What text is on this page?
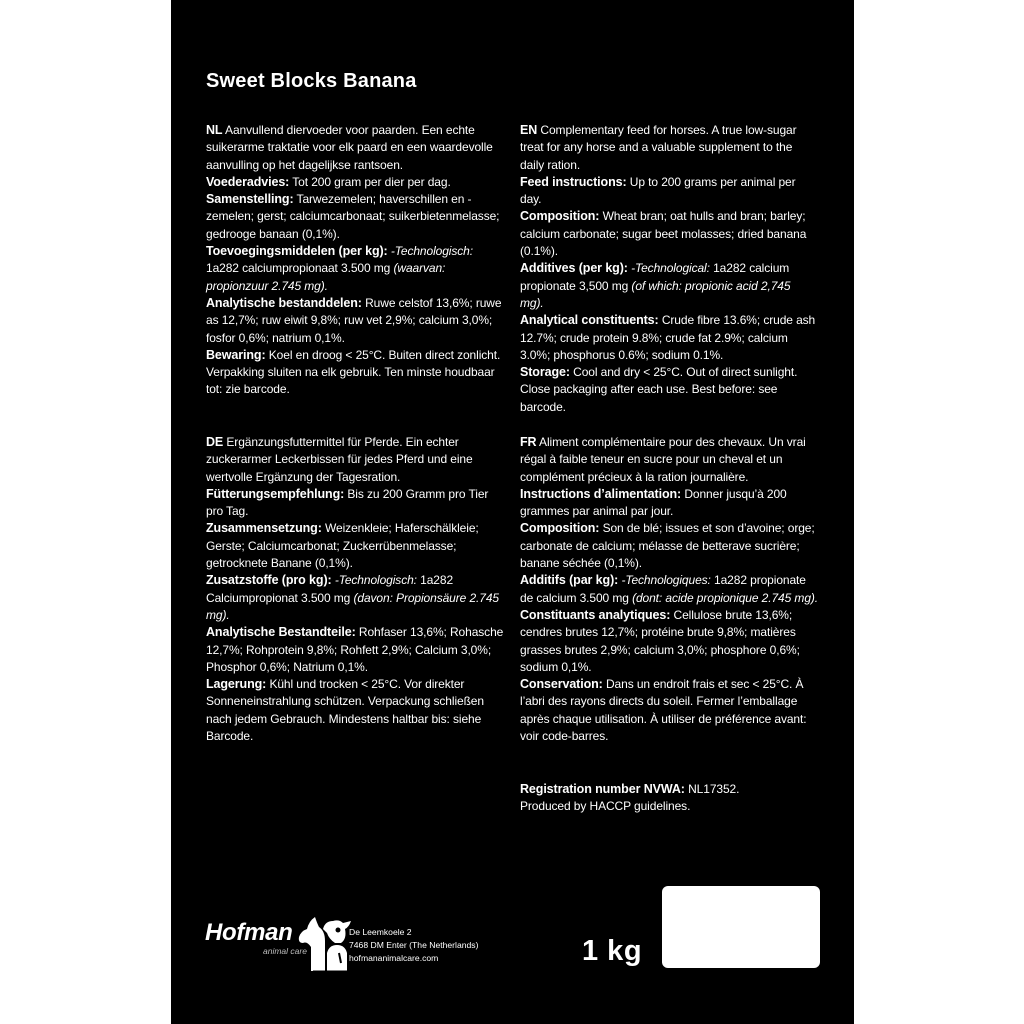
Sweet Blocks Banana

NL Aanvullend diervoeder voor paarden. Een echte suikerarme traktatie voor elk paard en een waardevolle aanvulling op het dagelijkse rantsoen.

Voederadvies: Tot 200 gram per dier per dag.

Samenstelling: Tarwezemelen; haverschillen en -zemelen; gerst; calciumcarbonaat; suikerbietenmelasse; gedrooge banaan (0,1%).

Toevoegingsmiddelen (per kg): -Technologisch: 1a282 calciumpropionaat 3.500 mg (waarvan: propionzuur 2.745 mg).

Analytische bestanddelen: Ruwe celstof 13,6%; ruwe as 12,7%; ruw eiwit 9,8%; ruw vet 2,9%; calcium 3,0%; fosfor 0,6%; natrium 0,1%.

Bewaring: Koel en droog < 25°C. Buiten direct zonlicht. Verpakking sluiten na elk gebruik. Ten minste houdbaar tot: zie barcode.

EN Complementary feed for horses. A true low-sugar treat for any horse and a valuable supplement to the daily ration.

Feed instructions: Up to 200 grams per animal per day.

Composition: Wheat bran; oat hulls and bran; barley; calcium carbonate; sugar beet molasses; dried banana (0.1%).

Additives (per kg): -Technological: 1a282 calcium propionate 3,500 mg (of which: propionic acid 2,745 mg).

Analytical constituents: Crude fibre 13.6%; crude ash 12.7%; crude protein 9.8%; crude fat 2.9%; calcium 3.0%; phosphorus 0.6%; sodium 0.1%.

Storage: Cool and dry < 25°C. Out of direct sunlight. Close packaging after each use. Best before: see barcode.

DE Ergänzungsfuttermittel für Pferde. Ein echter zuckerarmer Leckerbissen für jedes Pferd und eine wertvolle Ergänzung der Tagesration.

Fütterungsempfehlung: Bis zu 200 Gramm pro Tier pro Tag.

Zusammensetzung: Weizenkleie; Haferschälkleie; Gerste; Calciumcarbonat; Zuckerrübenmelasse; getrocknete Banane (0,1%).

Zusatzstoffe (pro kg): -Technologisch: 1a282 Calciumpropionat 3.500 mg (davon: Propionsäure 2.745 mg).

Analytische Bestandteile: Rohfaser 13,6%; Rohasche 12,7%; Rohprotein 9,8%; Rohfett 2,9%; Calcium 3,0%; Phosphor 0,6%; Natrium 0,1%.

Lagerung: Kühl und trocken < 25°C. Vor direkter Sonneneinstrahlung schützen. Verpackung schließen nach jedem Gebrauch. Mindestens haltbar bis: siehe Barcode.

FR Aliment complémentaire pour des chevaux. Un vrai régal à faible teneur en sucre pour un cheval et un complément précieux à la ration journalière.

Instructions d’alimentation: Donner jusqu’à 200 grammes par animal par jour.

Composition: Son de blé; issues et son d’avoine; orge; carbonate de calcium; mélasse de betterave sucrière; banane séchée (0,1%).

Additifs (par kg): -Technologiques: 1a282 propionate de calcium 3.500 mg (dont: acide propionique 2.745 mg).

Constituants analytiques: Cellulose brute 13,6%; cendres brutes 12,7%; protéine brute 9,8%; matières grasses brutes 2,9%; calcium 3,0%; phosphore 0,6%; sodium 0,1%.

Conservation: Dans un endroit frais et sec < 25°C. À l’abri des rayons directs du soleil. Fermer l’emballage après chaque utilisation. À utiliser de préférence avant: voir code-barres.

Registration number NVWA: NL17352.

Produced by HACCP guidelines.

Hofman
animal care
De Leemkoele 2
7468 DM Enter (The Netherlands)
hofmananimalcare.com	1 kg
